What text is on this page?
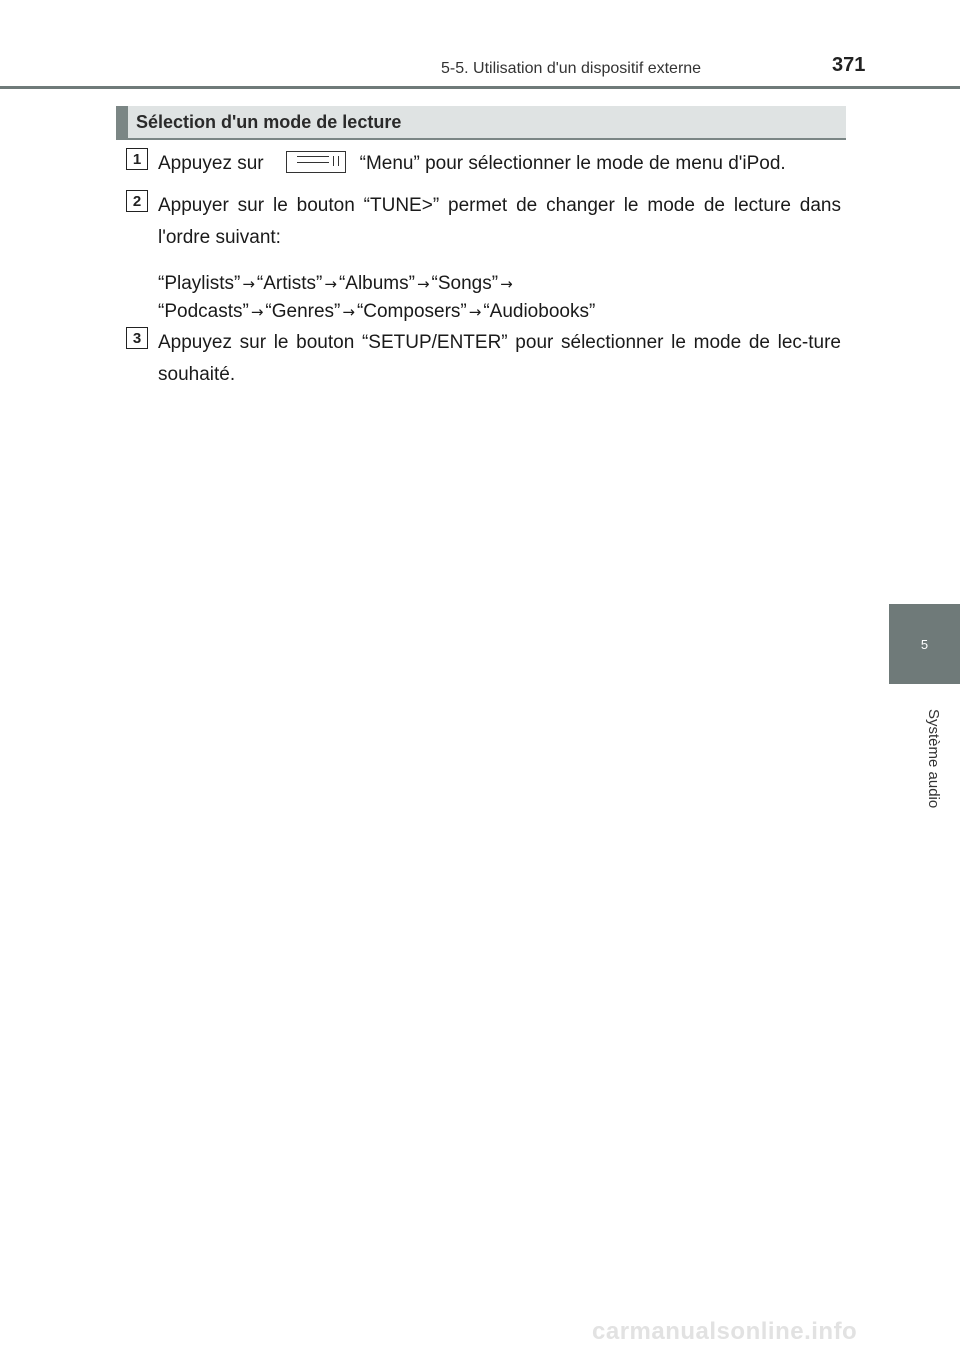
5-5. Utilisation d'un dispositif externe	371
5
Système audio
Sélection d'un mode de lecture
1 Appuyez sur	“Menu” pour sélectionner le mode de menu d'iPod.

2 Appuyer sur le bouton “TUNE>” permet de changer le mode de lecture dans l'ordre suivant:

“Playlists” → “Artists” → “Albums” → “Songs” →
“Podcasts” → “Genres” → “Composers” → “Audiobooks”

3 Appuyez sur le bouton “SETUP/ENTER” pour sélectionner le mode de lec-ture souhaité.

carmanualsonline.info
